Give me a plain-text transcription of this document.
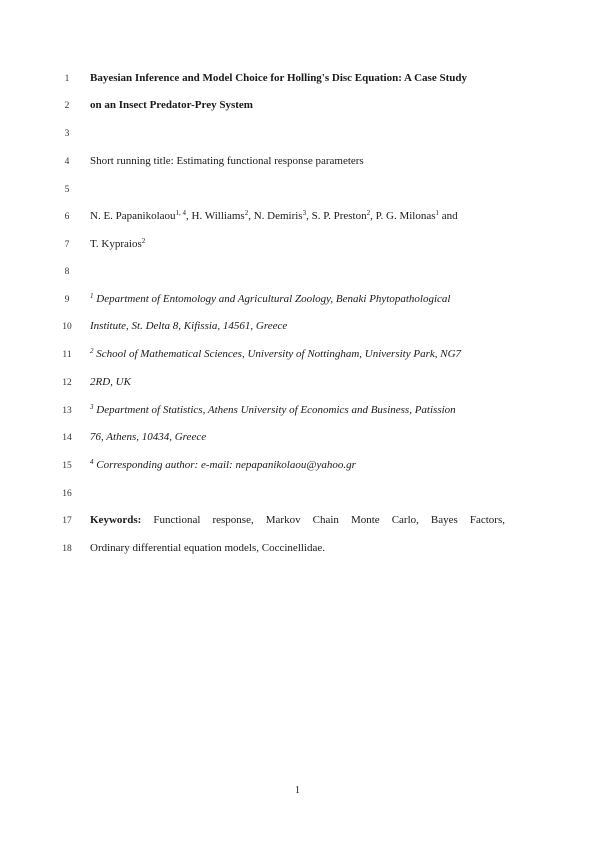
1
2
3
4
5
6
7
8
9
10
11
12
13
14
15
16
17
18
Bayesian Inference and Model Choice for Holling's Disc Equation: A Case Study
on an Insect Predator-Prey System
Short running title: Estimating functional response parameters
N. E. Papanikolaou$^{1, 4}$, H. Williams$^2$, N. Demiris$^3$, S. P. Preston$^2$, P. G. Milonas$^1$ and
T. Kypraios$^2$
$^1$ Department of Entomology and Agricultural Zoology, Benaki Phytopathological
Institute, St. Delta 8, Kifissia, 14561, Greece
$^2$ School of Mathematical Sciences, University of Nottingham, University Park, NG7
2RD, UK
$^3$ Department of Statistics, Athens University of Economics and Business, Patission
76, Athens, 10434, Greece
$^4$ Corresponding author: e-mail: nepapanikolaou@yahoo.gr
Keywords: Functional response, Markov Chain Monte Carlo, Bayes Factors,
Ordinary differential equation models, Coccinellidae.
1
